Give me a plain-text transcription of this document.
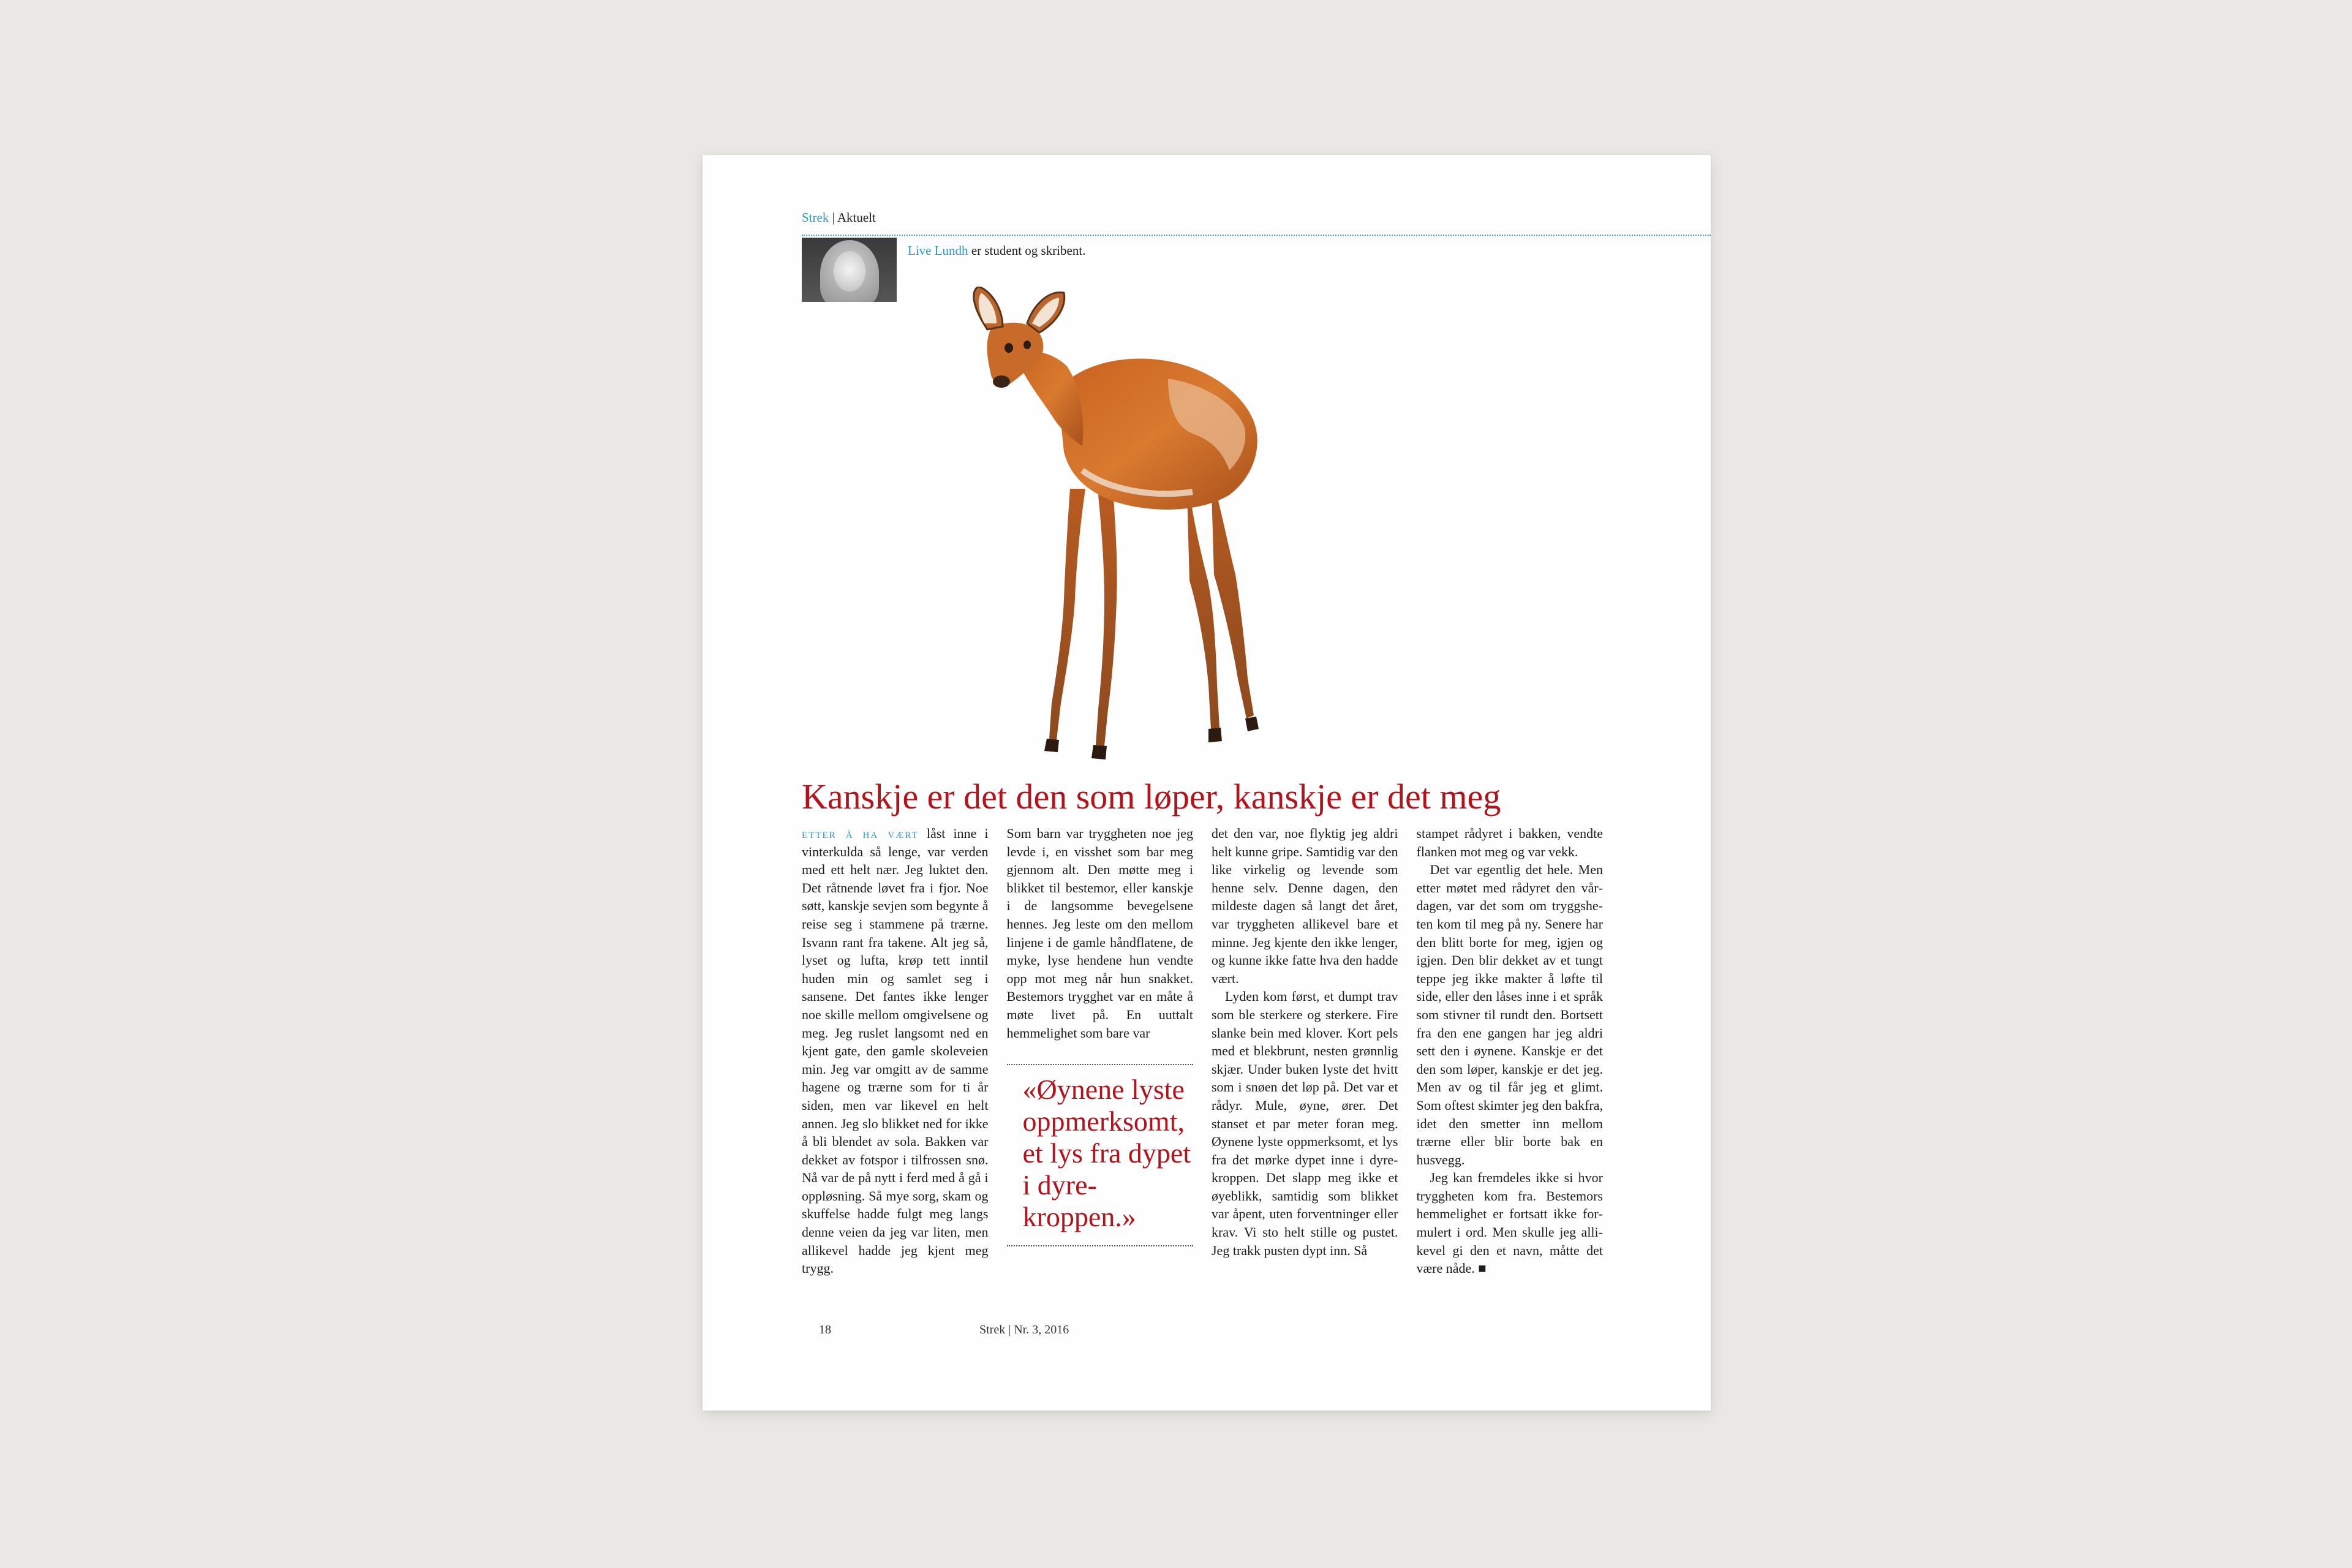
Strek | Aktuelt
Live Lundh er student og skribent.
Kanskje er det den som løper, kanskje er det meg

etter å ha vært låst inne i vinterkulda så lenge, var verden med ett helt nær. Jeg luktet den. Det råtnende løvet fra i fjor. Noe søtt, kanskje sevjen som begynte å reise seg i stammene på trærne. Isvann rant fra takene. Alt jeg så, lyset og lufta, krøp tett inntil huden min og samlet seg i sansene. Det fantes ikke lenger noe skille mellom omgivelsene og meg. Jeg ruslet langsomt ned en kjent gate, den gamle skoleveien min. Jeg var omgitt av de samme hagene og trærne som for ti år siden, men var likevel en helt annen. Jeg slo blikket ned for ikke å bli blendet av sola. Bakken var dekket av fotspor i tilfrossen snø. Nå var de på nytt i ferd med å gå i oppløsning. Så mye sorg, skam og skuffelse hadde fulgt meg langs denne veien da jeg var liten, men allikevel hadde jeg kjent meg trygg.

Som barn var tryggheten noe jeg levde i, en visshet som bar meg gjennom alt. Den møtte meg i blikket til bestemor, eller kanskje i de langsomme bevegelsene hennes. Jeg leste om den mellom linjene i de gamle håndflatene, de myke, lyse hendene hun vendte opp mot meg når hun snakket. Bestemors trygghet var en måte å møte livet på. En uuttalt hemmelighet som bare var

«Øynene lyste oppmerksomt, et lys fra dypet i dyrekroppen.»

det den var, noe flyktig jeg aldri helt kunne gripe. Samtidig var den like virkelig og levende som henne selv. Denne dagen, den mildeste dagen så langt det året, var tryggheten allikevel bare et minne. Jeg kjente den ikke lenger, og kunne ikke fatte hva den hadde vært.

Lyden kom først, et dumpt trav som ble sterkere og sterkere. Fire slanke bein med klover. Kort pels med et blekbrunt, nesten grønnlig skjær. Under buken lyste det hvitt som i snøen det løp på. Det var et rådyr. Mule, øyne, ører. Det stanset et par meter foran meg. Øynene lyste oppmerksomt, et lys fra det mørke dypet inne i dyrekroppen. Det slapp meg ikke et øyeblikk, samtidig som blikket var åpent, uten forventninger eller krav. Vi sto helt stille og pustet. Jeg trakk pusten dypt inn. Så

stampet rådyret i bakken, vendte flanken mot meg og var vekk.

Det var egentlig det hele. Men etter møtet med rådyret den vårdagen, var det som om tryggsheten kom til meg på ny. Senere har den blitt borte for meg, igjen og igjen. Den blir dekket av et tungt teppe jeg ikke makter å løfte til side, eller den låses inne i et språk som stivner til rundt den. Bortsett fra den ene gangen har jeg aldri sett den i øynene. Kanskje er det den som løper, kanskje er det jeg. Men av og til får jeg et glimt. Som oftest skimter jeg den bakfra, idet den smetter inn mellom trærne eller blir borte bak en husvegg.

Jeg kan fremdeles ikke si hvor tryggheten kom fra. Bestemors hemmelighet er fortsatt ikke formulert i ord. Men skulle jeg allikevel gi den et navn, måtte det være nåde. ■

18	Strek | Nr. 3, 2016
